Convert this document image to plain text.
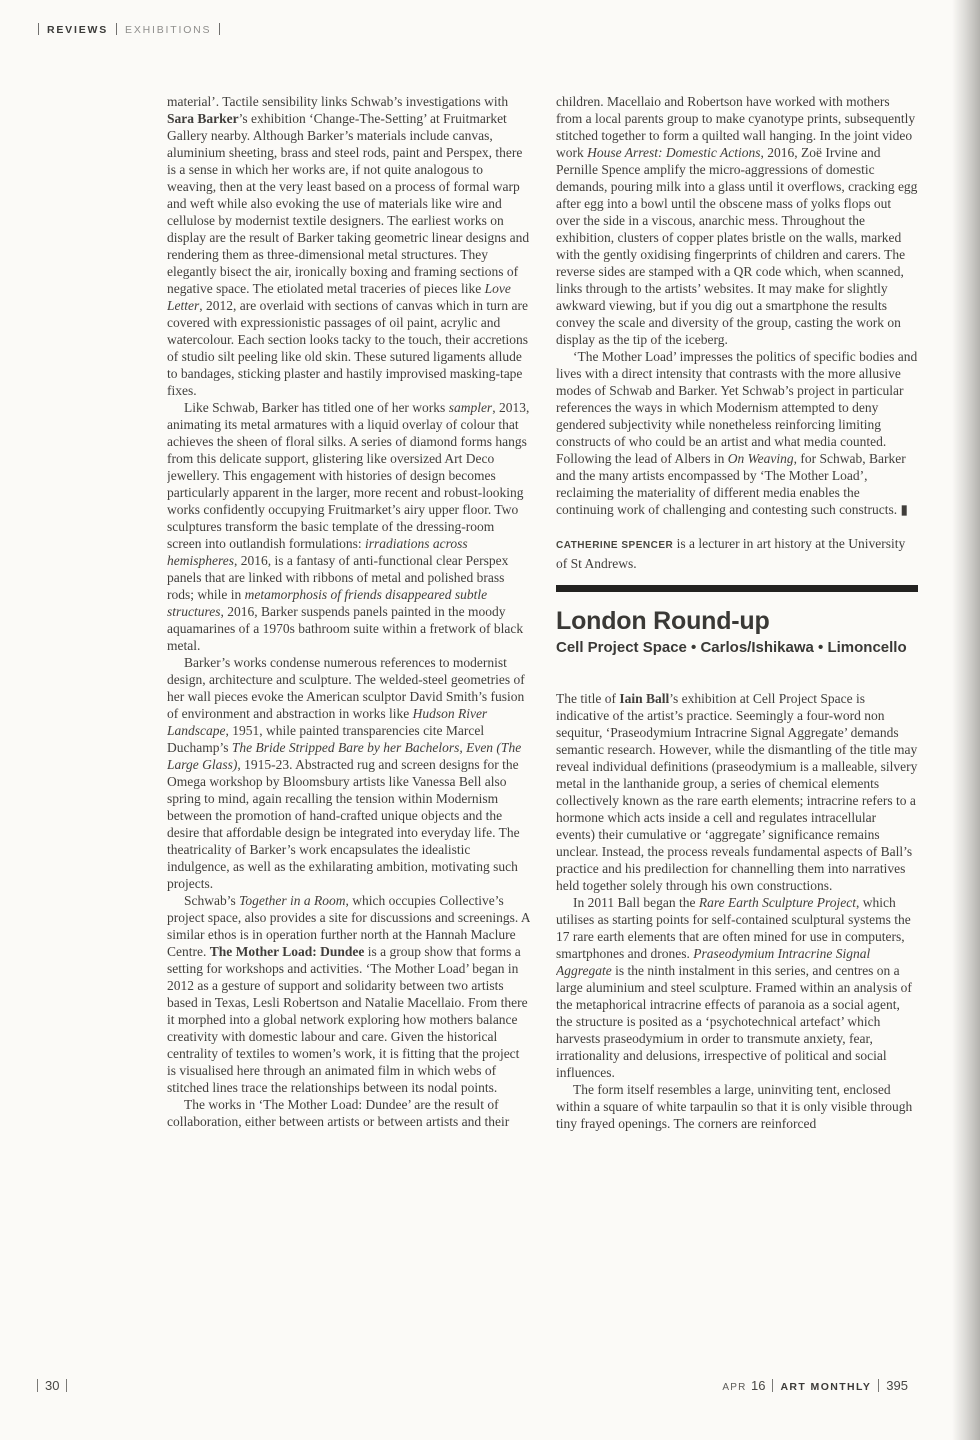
REVIEWS EXHIBITIONS

material’. Tactile sensibility links Schwab’s investigations with Sara Barker’s exhibition ‘Change-The-Setting’ at Fruitmarket Gallery nearby. Although Barker’s materials include canvas, aluminium sheeting, brass and steel rods, paint and Perspex, there is a sense in which her works are, if not quite analogous to weaving, then at the very least based on a process of formal warp and weft while also evoking the use of materials like wire and cellulose by modernist textile designers. The earliest works on display are the result of Barker taking geometric linear designs and rendering them as three-dimensional metal structures. They elegantly bisect the air, ironically boxing and framing sections of negative space. The etiolated metal traceries of pieces like Love Letter, 2012, are overlaid with sections of canvas which in turn are covered with expressionistic passages of oil paint, acrylic and watercolour. Each section looks tacky to the touch, their accretions of studio silt peeling like old skin. These sutured ligaments allude to bandages, sticking plaster and hastily improvised masking-tape fixes.

Like Schwab, Barker has titled one of her works sampler, 2013, animating its metal armatures with a liquid overlay of colour that achieves the sheen of floral silks. A series of diamond forms hangs from this delicate support, glistering like oversized Art Deco jewellery. This engagement with histories of design becomes particularly apparent in the larger, more recent and robust-looking works confidently occupying Fruitmarket’s airy upper floor. Two sculptures transform the basic template of the dressing-room screen into outlandish formulations: irradiations across hemispheres, 2016, is a fantasy of anti-functional clear Perspex panels that are linked with ribbons of metal and polished brass rods; while in metamorphosis of friends disappeared subtle structures, 2016, Barker suspends panels painted in the moody aquamarines of a 1970s bathroom suite within a fretwork of black metal.

Barker’s works condense numerous references to modernist design, architecture and sculpture. The welded-steel geometries of her wall pieces evoke the American sculptor David Smith’s fusion of environment and abstraction in works like Hudson River Landscape, 1951, while painted transparencies cite Marcel Duchamp’s The Bride Stripped Bare by her Bachelors, Even (The Large Glass), 1915-23. Abstracted rug and screen designs for the Omega workshop by Bloomsbury artists like Vanessa Bell also spring to mind, again recalling the tension within Modernism between the promotion of hand-crafted unique objects and the desire that affordable design be integrated into everyday life. The theatricality of Barker’s work encapsulates the idealistic indulgence, as well as the exhilarating ambition, motivating such projects.

Schwab’s Together in a Room, which occupies Collective’s project space, also provides a site for discussions and screenings. A similar ethos is in operation further north at the Hannah Maclure Centre. The Mother Load: Dundee is a group show that forms a setting for workshops and activities. ‘The Mother Load’ began in 2012 as a gesture of support and solidarity between two artists based in Texas, Lesli Robertson and Natalie Macellaio. From there it morphed into a global network exploring how mothers balance creativity with domestic labour and care. Given the historical centrality of textiles to women’s work, it is fitting that the project is visualised here through an animated film in which webs of stitched lines trace the relationships between its nodal points.

The works in ‘The Mother Load: Dundee’ are the result of collaboration, either between artists or between artists and their

children. Macellaio and Robertson have worked with mothers from a local parents group to make cyanotype prints, subsequently stitched together to form a quilted wall hanging. In the joint video work House Arrest: Domestic Actions, 2016, Zoë Irvine and Pernille Spence amplify the micro-aggressions of domestic demands, pouring milk into a glass until it overflows, cracking egg after egg into a bowl until the obscene mass of yolks flops out over the side in a viscous, anarchic mess. Throughout the exhibition, clusters of copper plates bristle on the walls, marked with the gently oxidising fingerprints of children and carers. The reverse sides are stamped with a QR code which, when scanned, links through to the artists’ websites. It may make for slightly awkward viewing, but if you dig out a smartphone the results convey the scale and diversity of the group, casting the work on display as the tip of the iceberg.

‘The Mother Load’ impresses the politics of specific bodies and lives with a direct intensity that contrasts with the more allusive modes of Schwab and Barker. Yet Schwab’s project in particular references the ways in which Modernism attempted to deny gendered subjectivity while nonetheless reinforcing limiting constructs of who could be an artist and what media counted. Following the lead of Albers in On Weaving, for Schwab, Barker and the many artists encompassed by ‘The Mother Load’, reclaiming the materiality of different media enables the continuing work of challenging and contesting such constructs. ▮

CATHERINE SPENCER is a lecturer in art history at the University of St Andrews.

London Round-up
Cell Project Space • Carlos/Ishikawa • Limoncello

The title of Iain Ball’s exhibition at Cell Project Space is indicative of the artist’s practice. Seemingly a four-word non sequitur, ‘Praseodymium Intracrine Signal Aggregate’ demands semantic research. However, while the dismantling of the title may reveal individual definitions (praseodymium is a malleable, silvery metal in the lanthanide group, a series of chemical elements collectively known as the rare earth elements; intracrine refers to a hormone which acts inside a cell and regulates intracellular events) their cumulative or ‘aggregate’ significance remains unclear. Instead, the process reveals fundamental aspects of Ball’s practice and his predilection for channelling them into narratives held together solely through his own constructions.

In 2011 Ball began the Rare Earth Sculpture Project, which utilises as starting points for self-contained sculptural systems the 17 rare earth elements that are often mined for use in computers, smartphones and drones. Praseodymium Intracrine Signal Aggregate is the ninth instalment in this series, and centres on a large aluminium and steel sculpture. Framed within an analysis of the metaphorical intracrine effects of paranoia as a social agent, the structure is posited as a ‘psychotechnical artefact’ which harvests praseodymium in order to transmute anxiety, fear, irrationality and delusions, irrespective of political and social influences.

The form itself resembles a large, uninviting tent, enclosed within a square of white tarpaulin so that it is only visible through tiny frayed openings. The corners are reinforced

30	APR 16 ART MONTHLY 395
